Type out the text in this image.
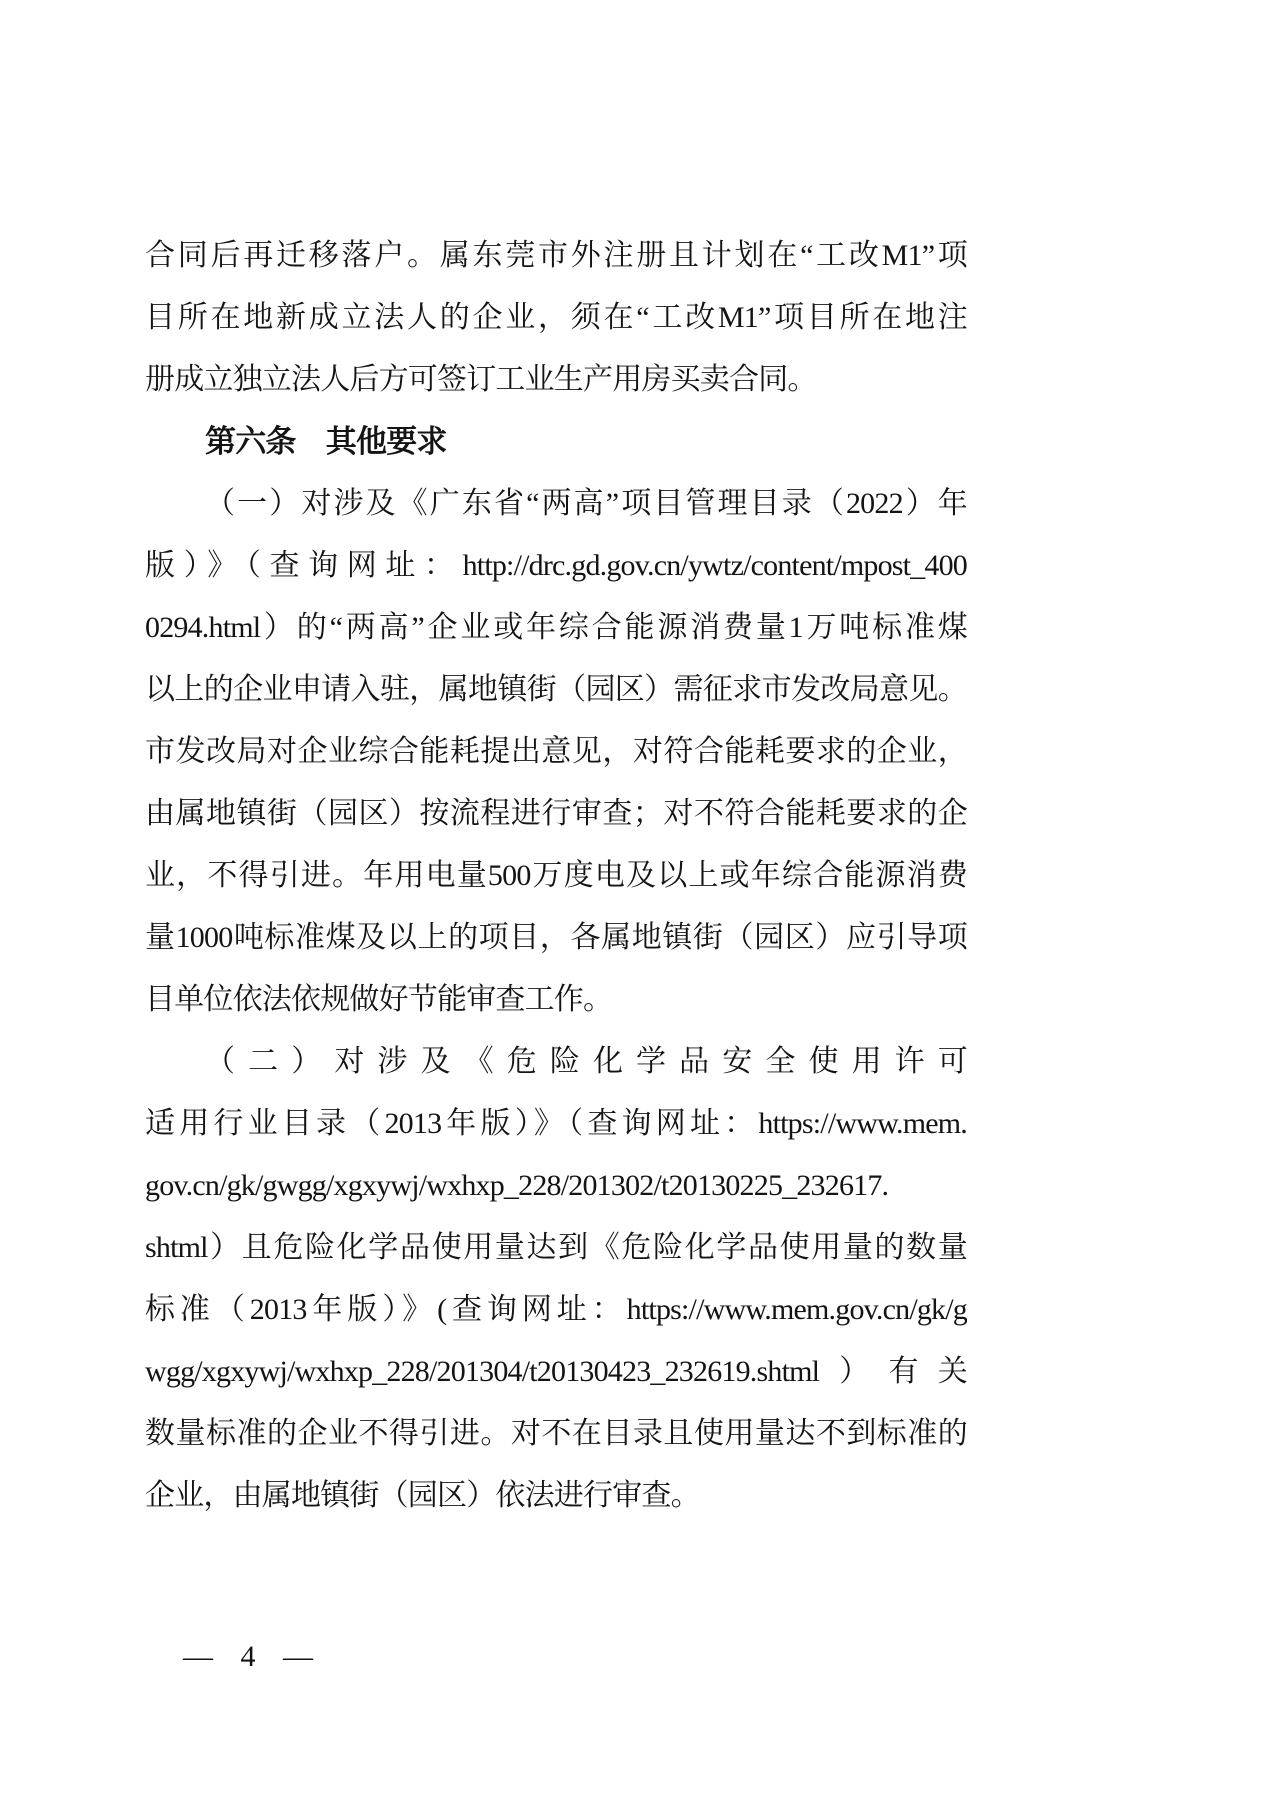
合同后再迁移落户。属东莞市外注册且计划在“工改M1”项
目所在地新成立法人的企业，须在“工改M1”项目所在地注
册成立独立法人后方可签订工业生产用房买卖合同。
第六条　其他要求
（一）对涉及《广东省“两高”项目管理目录（2022）年
版）》（查询网址：http://drc.gd.gov.cn/ywtz/content/mpost_400
0294.html）的“两高”企业或年综合能源消费量1万吨标准煤
以上的企业申请入驻，属地镇街（园区）需征求市发改局意见。
市发改局对企业综合能耗提出意见，对符合能耗要求的企业，
由属地镇街（园区）按流程进行审查；对不符合能耗要求的企
业，不得引进。年用电量500万度电及以上或年综合能源消费
量1000吨标准煤及以上的项目，各属地镇街（园区）应引导项
目单位依法依规做好节能审查工作。
（二）对涉及《危险化学品安全使用许可
适用行业目录（2013年版）》（查询网址：https://www.mem.
gov.cn/gk/gwgg/xgxywj/wxhxp_228/201302/t20130225_232617.
shtml）且危险化学品使用量达到《危险化学品使用量的数量
标准（2013年版）》(查询网址：https://www.mem.gov.cn/gk/g
wgg/xgxywj/wxhxp_228/201304/t20130423_232619.shtml）有关
数量标准的企业不得引进。对不在目录且使用量达不到标准的
企业，由属地镇街（园区）依法进行审查。
— 4 —
